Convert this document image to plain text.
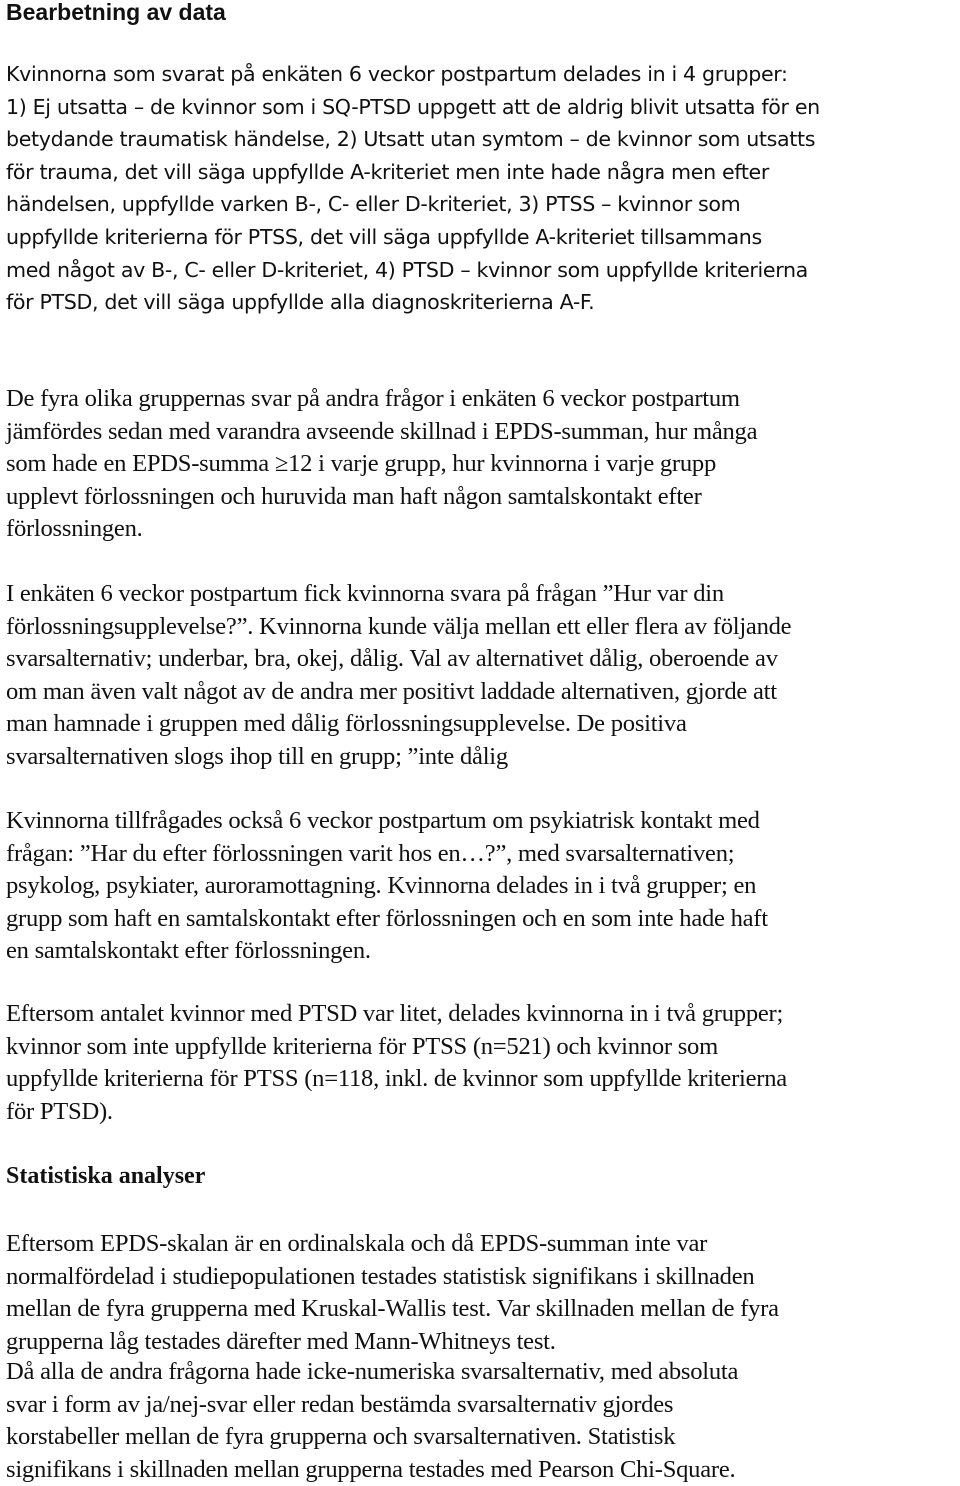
Bearbetning av data

Kvinnorna som svarat på enkäten 6 veckor postpartum delades in i 4 grupper:
1) Ej utsatta – de kvinnor som i SQ-PTSD uppgett att de aldrig blivit utsatta för en
betydande traumatisk händelse, 2) Utsatt utan symtom – de kvinnor som utsatts
för trauma, det vill säga uppfyllde A-kriteriet men inte hade några men efter
händelsen, uppfyllde varken B-, C- eller D-kriteriet, 3) PTSS – kvinnor som
uppfyllde kriterierna för PTSS, det vill säga uppfyllde A-kriteriet tillsammans
med något av B-, C- eller D-kriteriet, 4) PTSD – kvinnor som uppfyllde kriterierna
för PTSD, det vill säga uppfyllde alla diagnoskriterierna A-F.

De fyra olika gruppernas svar på andra frågor i enkäten 6 veckor postpartum
jämfördes sedan med varandra avseende skillnad i EPDS-summan, hur många
som hade en EPDS-summa ≥12 i varje grupp, hur kvinnorna i varje grupp
upplevt förlossningen och huruvida man haft någon samtalskontakt efter
förlossningen.

I enkäten 6 veckor postpartum fick kvinnorna svara på frågan ”Hur var din
förlossningsupplevelse?”. Kvinnorna kunde välja mellan ett eller flera av följande
svarsalternativ; underbar, bra, okej, dålig. Val av alternativet dålig, oberoende av
om man även valt något av de andra mer positivt laddade alternativen, gjorde att
man hamnade i gruppen med dålig förlossningsupplevelse. De positiva
svarsalternativen slogs ihop till en grupp; ”inte dålig

Kvinnorna tillfrågades också 6 veckor postpartum om psykiatrisk kontakt med
frågan: ”Har du efter förlossningen varit hos en…?”, med svarsalternativen;
psykolog, psykiater, auroramottagning. Kvinnorna delades in i två grupper; en
grupp som haft en samtalskontakt efter förlossningen och en som inte hade haft
en samtalskontakt efter förlossningen.

Eftersom antalet kvinnor med PTSD var litet, delades kvinnorna in i två grupper;
kvinnor som inte uppfyllde kriterierna för PTSS (n=521) och kvinnor som
uppfyllde kriterierna för PTSS (n=118, inkl. de kvinnor som uppfyllde kriterierna
för PTSD).

Statistiska analyser

Eftersom EPDS-skalan är en ordinalskala och då EPDS-summan inte var
normalfördelad i studiepopulationen testades statistisk signifikans i skillnaden
mellan de fyra grupperna med Kruskal-Wallis test. Var skillnaden mellan de fyra
grupperna låg testades därefter med Mann-Whitneys test.

Då alla de andra frågorna hade icke-numeriska svarsalternativ, med absoluta
svar i form av ja/nej-svar eller redan bestämda svarsalternativ gjordes
korstabeller mellan de fyra grupperna och svarsalternativen. Statistisk
signifikans i skillnaden mellan grupperna testades med Pearson Chi-Square.
